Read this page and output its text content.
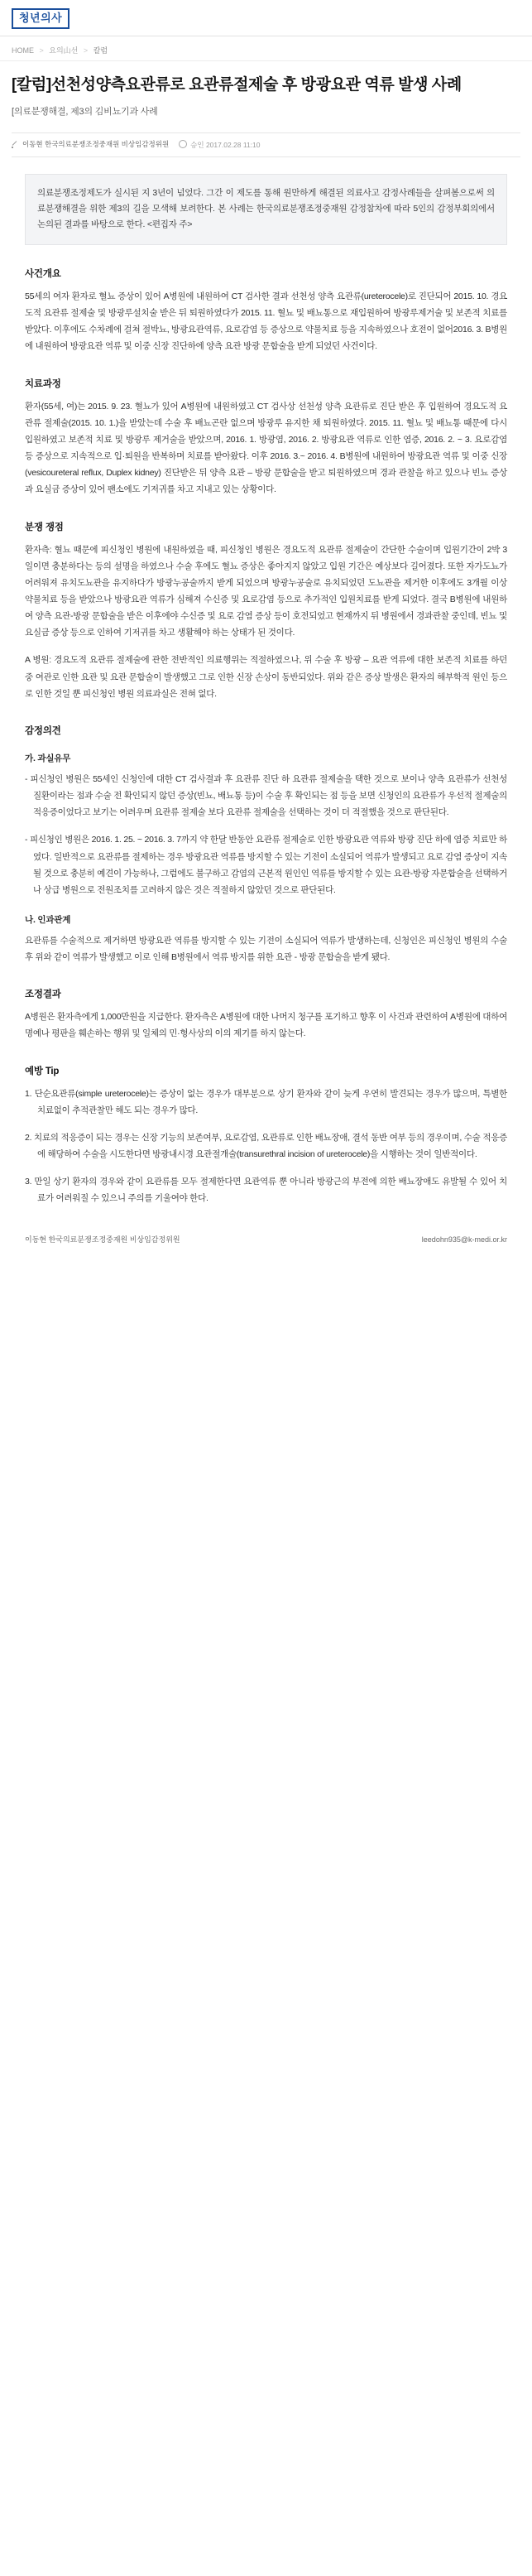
청년의사
HOME > 요의山선 > 칼럼
[칼럼]선천성양측요관류로 요관류절제술 후 방광요관 역류 발생 사례

[의료분쟁해결, 제3의 김비뇨기과 사례

이동현 한국의료분쟁조정중재원 비상임감정위원	승인 2017.02.28 11:10
의료분쟁조정제도가 실시된 지 3년이 넘었다. 그간 이 제도를 통해 원만하게 해결된 의료사고 감정사례들을 살펴봄으로써 의료분쟁해결을 위한 제3의 길을 모색해 보려한다. 본 사례는 한국의료분쟁조정중재원 감정참차에 따라 5인의 감정부회의에서 논의된 결과를 바탕으로 한다. <편집자 주>
사건개요

55세의 여자 환자로 혈뇨 증상이 있어 A병원에 내원하여 CT 검사한 결과 선천성 양측 요관류(ureterocele)로 진단되어 2015. 10. 경요도적 요관류 절제술 및 방광루설치술 받은 뒤 퇴원하였다가 2015. 11. 혈뇨 및 배뇨통으로 재입원하여 방광루제거술 및 보존적 치료를 받았다. 이후에도 수차례에 걸쳐 절박뇨, 방광요관역류, 요로감염 등 증상으로 약물치료 등을 지속하였으나 호전이 없어2016. 3. B병원에 내원하여 방광요관 역류 및 이중 신장 진단하에 양측 요관 방광 문합술을 받게 되었던 사건이다.

치료과정

환자(55세, 여)는 2015. 9. 23. 혈뇨가 있어 A병원에 내원하였고 CT 검사상 선천성 양측 요관류로 진단 받은 후 입원하여 경요도적 요관류 절제술(2015. 10. 1.)을 받았는데 수술 후 배뇨곤란 없으며 방광루 유지한 채 퇴원하였다. 2015. 11. 혈뇨 및 배뇨통 때문에 다시 입원하였고 보존적 치료 및 방광루 제거술을 받았으며, 2016. 1. 방광염, 2016. 2. 방광요관 역류로 인한 염증, 2016. 2. ~ 3. 요로감염 등 증상으로 지속적으로 입·퇴원을 반복하며 치료를 받아왔다. 이후 2016. 3.~ 2016. 4. B병원에 내원하여 방광요관 역류 및 이중 신장(vesicoureteral reflux, Duplex kidney) 진단받은 뒤 양측 요관 – 방광 문합술을 받고 퇴원하였으며 경과 관찰을 하고 있으나 빈뇨 증상과 요실금 증상이 있어 팬소에도 기저귀를 차고 지내고 있는 상황이다.

분쟁 쟁점

환자측: 혈뇨 때문에 피신청인 병원에 내원하였을 때, 피신청인 병원은 경요도적 요관류 절제술이 간단한 수술이며 입원기간이 2박 3일이면 충분하다는 등의 설명을 하였으나 수술 후에도 혈뇨 증상은 좋아지지 않았고 입원 기간은 예상보다 길어졌다. 또한 자가도뇨가 어려워져 유치도뇨관을 유지하다가 방광누공술까지 받게 되었으며 방광누공술로 유치되었던 도뇨관을 제거한 이후에도 3개월 이상 약물치료 등을 받았으나 방광요관 역류가 심해져 수신증 및 요로감염 등으로 추가적인 입원치료를 받게 되었다. 결국 B병원에 내원하여 양측 요관-방광 문합술을 받은 이후에야 수신증 및 요로 감염 증상 등이 호전되었고 현재까지 뒤 병원에서 경과관찰 중인데, 빈뇨 및 요실금 증상 등으로 인하여 기저귀를 차고 생활해야 하는 상태가 된 것이다.

A 병원: 경요도적 요관류 절제술에 관한 전반적인 의료행위는 적절하였으나, 위 수술 후 방광 – 요관 역류에 대한 보존적 치료를 하던 중 여관로 인한 요관 및 요관 문합술이 발생했고 그로 인한 신장 손상이 동반되었다. 위와 같은 증상 발생은 환자의 해부학적 원인 등으로 인한 것일 뿐 피신청인 병원 의료과실은 전혀 없다.

감정의견
가. 과실유무

- 피신청인 병원은 55세인 신청인에 대한 CT 검사결과 후 요관류 진단 하 요관류 절제술을 택한 것으로 보이나 양측 요관류가 선천성 질환이라는 점과 수술 전 확인되지 않던 증상(빈뇨, 배뇨통 등)이 수술 후 확인되는 점 등을 보면 신청인의 요관류가 우선적 절제술의 적응증이었다고 보기는 어려우며 요관류 절제술 보다 요관류 절제술을 선택하는 것이 더 적절했을 것으로 판단된다.

- 피신청인 병원은 2016. 1. 25. ~ 2016. 3. 7까지 약 한달 반동안 요관류 절제술로 인한 방광요관 역류와 방광 진단 하에 염증 치료만 하였다. 일반적으로 요관류를 절제하는 경우 방광요관 역류를 방지할 수 있는 기전이 소실되어 역류가 발생되고 요로 감염 증상이 지속될 것으로 충분히 예견이 가능하나, 그럼에도 불구하고 감염의 근본적 원인인 역류를 방지할 수 있는 요관-방광 자문합술을 선택하거나 상급 병원으로 전원조치를 고려하지 않은 것은 적절하지 않았던 것으로 판단된다.

나. 인과관계

요관류를 수술적으로 제거하면 방광요관 역류를 방지할 수 있는 기전이 소실되어 역류가 발생하는데, 신청인은 피신청인 병원의 수술 후 위와 같이 역류가 발생했고 이로 인해 B병원에서 역류 방지를 위한 요관 - 방광 문합술을 받게 됐다.

조정결과

A병원은 환자측에게 1,000만원을 지급한다. 환자측은 A병원에 대한 나머지 청구를 포기하고 향후 이 사건과 관련하여 A병원에 대하여 명예나 평판을 훼손하는 행위 및 일체의 민·형사상의 이의 제기를 하지 않는다.

예방 Tip
1. 단순요관류(simple ureterocele)는 증상이 없는 경우가 대부분으로 상기 환자와 같이 늦게 우연히 발견되는 경우가 많으며, 특별한 치료없이 추적관찰만 해도 되는 경우가 많다.
2. 치료의 적응증이 되는 경우는 신장 기능의 보존여부, 요로감염, 요관류로 인한 배뇨장애, 결석 동반 여부 등의 경우이며, 수술 적응증에 해당하여 수술을 시도한다면 방광내시경 요관절개술(transurethral incision of ureterocele)을 시행하는 것이 일반적이다.
3. 만일 상기 환자의 경우와 같이 요관류를 모두 절제한다면 요관역류 뿐 아니라 방광근의 부전에 의한 배뇨장애도 유발될 수 있어 치료가 어려워질 수 있으니 주의를 기울여야 한다.
이동현 한국의료분쟁조정중재원 비상임감정위원	leedohn935@k-medi.or.kr
